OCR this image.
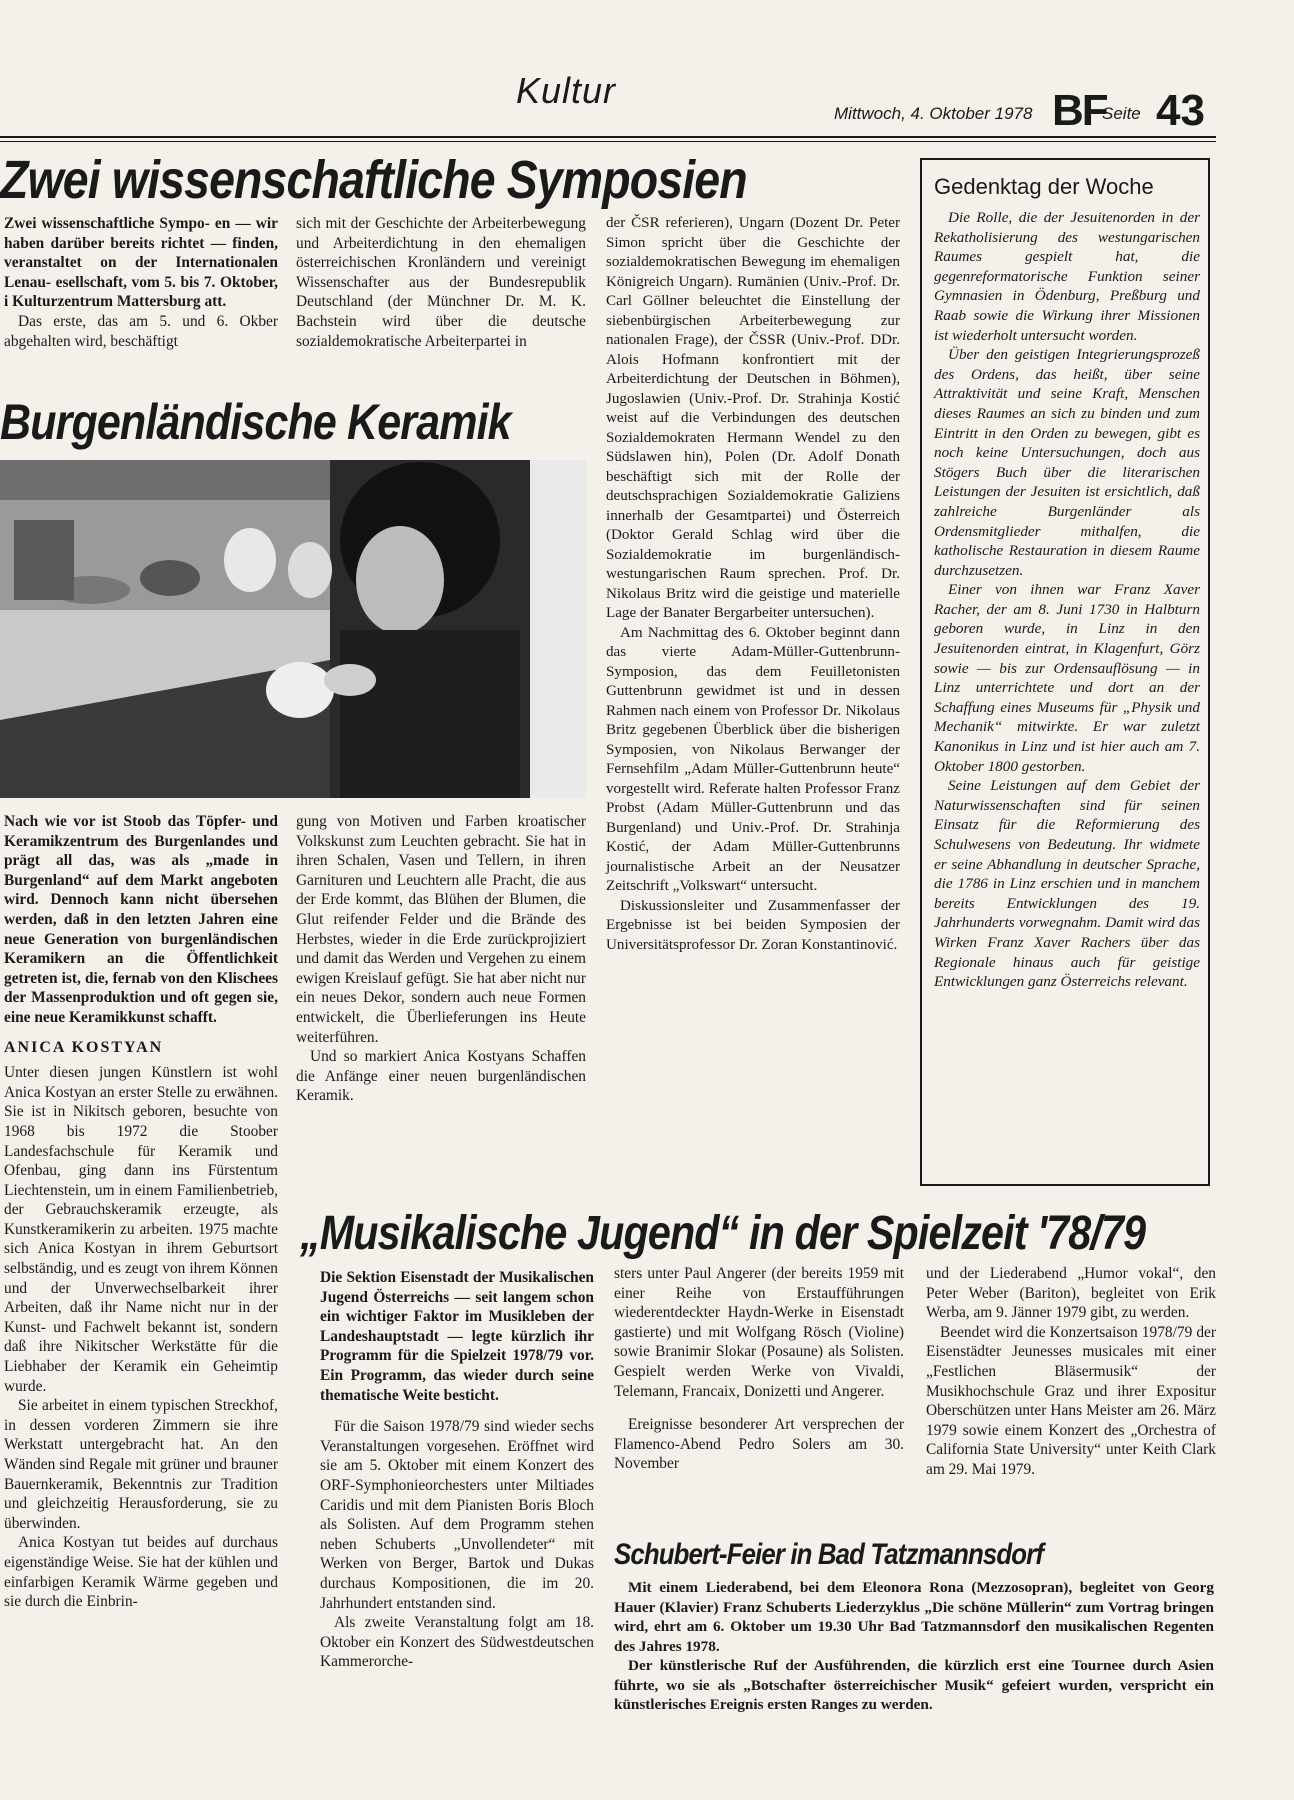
Kultur
Mittwoch, 4. Oktober 1978 BF
Seite 43
Zwei wissenschaftliche Symposien

Zwei wissenschaftliche Sympo- en — wir haben darüber bereits richtet — finden, veranstaltet on der Internationalen Lenau- esellschaft, vom 5. bis 7. Oktober, i Kulturzentrum Mattersburg att.

Das erste, das am 5. und 6. Okber abgehalten wird, beschäftigt

sich mit der Geschichte der Arbeiterbewegung und Arbeiterdichtung in den ehemaligen österreichischen Kronländern und vereinigt Wissenschafter aus der Bundesrepublik Deutschland (der Münchner Dr. M. K. Bachstein wird über die deutsche sozialdemokratische Arbeiterpartei in

der ČSR referieren), Ungarn (Dozent Dr. Peter Simon spricht über die Geschichte der sozialdemokratischen Bewegung im ehemaligen Königreich Ungarn). Rumänien (Univ.-Prof. Dr. Carl Göllner beleuchtet die Einstellung der siebenbürgischen Arbeiterbewegung zur nationalen Frage), der ČSSR (Univ.-Prof. DDr. Alois Hofmann konfrontiert mit der Arbeiterdichtung der Deutschen in Böhmen), Jugoslawien (Univ.-Prof. Dr. Strahinja Kostić weist auf die Verbindungen des deutschen Sozialdemokraten Hermann Wendel zu den Südslawen hin), Polen (Dr. Adolf Donath beschäftigt sich mit der Rolle der deutschsprachigen Sozialdemokratie Galiziens innerhalb der Gesamtpartei) und Österreich (Doktor Gerald Schlag wird über die Sozialdemokratie im burgenländisch-westungarischen Raum sprechen. Prof. Dr. Nikolaus Britz wird die geistige und materielle Lage der Banater Bergarbeiter untersuchen).

Am Nachmittag des 6. Oktober beginnt dann das vierte Adam-Müller-Guttenbrunn-Symposion, das dem Feuilletonisten Guttenbrunn gewidmet ist und in dessen Rahmen nach einem von Professor Dr. Nikolaus Britz gegebenen Überblick über die bisherigen Symposien, von Nikolaus Berwanger der Fernsehfilm „Adam Müller-Guttenbrunn heute“ vorgestellt wird. Referate halten Professor Franz Probst (Adam Müller-Guttenbrunn und das Burgenland) und Univ.-Prof. Dr. Strahinja Kostić, der Adam Müller-Guttenbrunns journalistische Arbeit an der Neusatzer Zeitschrift „Volkswart“ untersucht.

Diskussionsleiter und Zusammenfasser der Ergebnisse ist bei beiden Symposien der Universitätsprofessor Dr. Zoran Konstantinović.

Burgenländische Keramik

Nach wie vor ist Stoob das Töpfer- und Keramikzentrum des Burgenlandes und prägt all das, was als „made in Burgenland“ auf dem Markt angeboten wird. Dennoch kann nicht übersehen werden, daß in den letzten Jahren eine neue Generation von burgenländischen Keramikern an die Öffentlichkeit getreten ist, die, fernab von den Klischees der Massenproduktion und oft gegen sie, eine neue Keramikkunst schafft.

ANICA KOSTYAN

Unter diesen jungen Künstlern ist wohl Anica Kostyan an erster Stelle zu erwähnen. Sie ist in Nikitsch geboren, besuchte von 1968 bis 1972 die Stoober Landesfachschule für Keramik und Ofenbau, ging dann ins Fürstentum Liechtenstein, um in einem Familienbetrieb, der Gebrauchskeramik erzeugte, als Kunstkeramikerin zu arbeiten. 1975 machte sich Anica Kostyan in ihrem Geburtsort selbständig, und es zeugt von ihrem Können und der Unverwechselbarkeit ihrer Arbeiten, daß ihr Name nicht nur in der Kunst- und Fachwelt bekannt ist, sondern daß ihre Nikitscher Werkstätte für die Liebhaber der Keramik ein Geheimtip wurde.

Sie arbeitet in einem typischen Streckhof, in dessen vorderen Zimmern sie ihre Werkstatt untergebracht hat. An den Wänden sind Regale mit grüner und brauner Bauernkeramik, Bekenntnis zur Tradition und gleichzeitig Herausforderung, sie zu überwinden.

Anica Kostyan tut beides auf durchaus eigenständige Weise. Sie hat der kühlen und einfarbigen Keramik Wärme gegeben und sie durch die Einbrin-

gung von Motiven und Farben kroatischer Volkskunst zum Leuchten gebracht. Sie hat in ihren Schalen, Vasen und Tellern, in ihren Garnituren und Leuchtern alle Pracht, die aus der Erde kommt, das Blühen der Blumen, die Glut reifender Felder und die Brände des Herbstes, wieder in die Erde zurückprojiziert und damit das Werden und Vergehen zu einem ewigen Kreislauf gefügt. Sie hat aber nicht nur ein neues Dekor, sondern auch neue Formen entwickelt, die Überlieferungen ins Heute weiterführen.

Und so markiert Anica Kostyans Schaffen die Anfänge einer neuen burgenländischen Keramik.

Gedenktag der Woche

Die Rolle, die der Jesuitenorden in der Rekatholisierung des westungarischen Raumes gespielt hat, die gegenreformatorische Funktion seiner Gymnasien in Ödenburg, Preßburg und Raab sowie die Wirkung ihrer Missionen ist wiederholt untersucht worden.

Über den geistigen Integrierungsprozeß des Ordens, das heißt, über seine Attraktivität und seine Kraft, Menschen dieses Raumes an sich zu binden und zum Eintritt in den Orden zu bewegen, gibt es noch keine Untersuchungen, doch aus Stögers Buch über die literarischen Leistungen der Jesuiten ist ersichtlich, daß zahlreiche Burgenländer als Ordensmitglieder mithalfen, die katholische Restauration in diesem Raume durchzusetzen.

Einer von ihnen war Franz Xaver Racher, der am 8. Juni 1730 in Halbturn geboren wurde, in Linz in den Jesuitenorden eintrat, in Klagenfurt, Görz sowie — bis zur Ordensauflösung — in Linz unterrichtete und dort an der Schaffung eines Museums für „Physik und Mechanik“ mitwirkte. Er war zuletzt Kanonikus in Linz und ist hier auch am 7. Oktober 1800 gestorben.

Seine Leistungen auf dem Gebiet der Naturwissenschaften sind für seinen Einsatz für die Reformierung des Schulwesens von Bedeutung. Ihr widmete er seine Abhandlung in deutscher Sprache, die 1786 in Linz erschien und in manchem bereits Entwicklungen des 19. Jahrhunderts vorwegnahm. Damit wird das Wirken Franz Xaver Rachers über das Regionale hinaus auch für geistige Entwicklungen ganz Österreichs relevant.

„Musikalische Jugend“ in der Spielzeit '78/79

Die Sektion Eisenstadt der Musikalischen Jugend Österreichs — seit langem schon ein wichtiger Faktor im Musikleben der Landeshauptstadt — legte kürzlich ihr Programm für die Spielzeit 1978/79 vor. Ein Programm, das wieder durch seine thematische Weite besticht.

Für die Saison 1978/79 sind wieder sechs Veranstaltungen vorgesehen. Eröffnet wird sie am 5. Oktober mit einem Konzert des ORF-Symphonieorchesters unter Miltiades Caridis und mit dem Pianisten Boris Bloch als Solisten. Auf dem Programm stehen neben Schuberts „Unvollendeter“ mit Werken von Berger, Bartok und Dukas durchaus Kompositionen, die im 20. Jahrhundert entstanden sind.

Als zweite Veranstaltung folgt am 18. Oktober ein Konzert des Südwestdeutschen Kammerorche-

sters unter Paul Angerer (der bereits 1959 mit einer Reihe von Erstaufführungen wiederentdeckter Haydn-Werke in Eisenstadt gastierte) und mit Wolfgang Rösch (Violine) sowie Branimir Slokar (Posaune) als Solisten. Gespielt werden Werke von Vivaldi, Telemann, Francaix, Donizetti und Angerer.

Ereignisse besonderer Art versprechen der Flamenco-Abend Pedro Solers am 30. November

und der Liederabend „Humor vokal“, den Peter Weber (Bariton), begleitet von Erik Werba, am 9. Jänner 1979 gibt, zu werden.

Beendet wird die Konzertsaison 1978/79 der Eisenstädter Jeunesses musicales mit einer „Festlichen Bläsermusik“ der Musikhochschule Graz und ihrer Expositur Oberschützen unter Hans Meister am 26. März 1979 sowie einem Konzert des „Orchestra of California State University“ unter Keith Clark am 29. Mai 1979.

Schubert-Feier in Bad Tatzmannsdorf

Mit einem Liederabend, bei dem Eleonora Rona (Mezzosopran), begleitet von Georg Hauer (Klavier) Franz Schuberts Liederzyklus „Die schöne Müllerin“ zum Vortrag bringen wird, ehrt am 6. Oktober um 19.30 Uhr Bad Tatzmannsdorf den musikalischen Regenten des Jahres 1978.

Der künstlerische Ruf der Ausführenden, die kürzlich erst eine Tournee durch Asien führte, wo sie als „Botschafter österreichischer Musik“ gefeiert wurden, verspricht ein künstlerisches Ereignis ersten Ranges zu werden.
